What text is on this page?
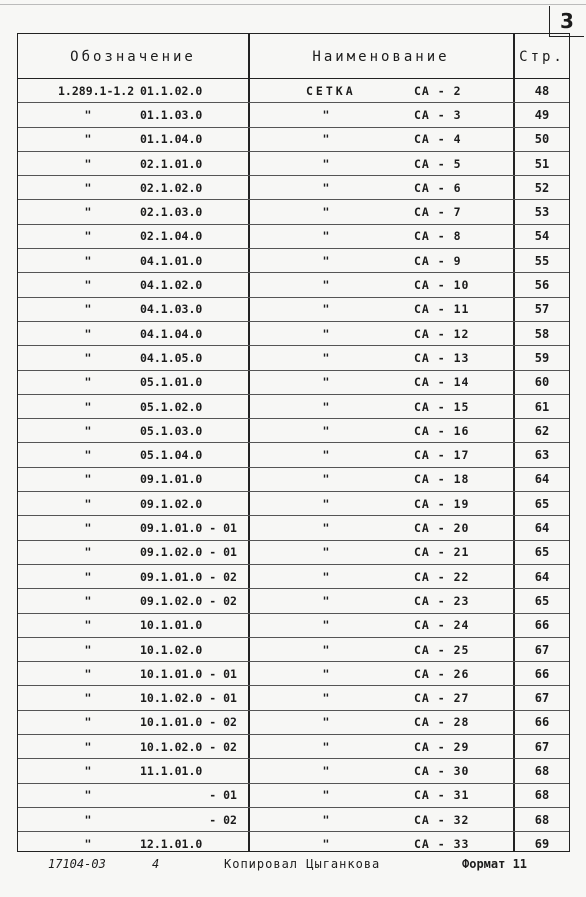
3
Обозначение	Наименование	Стр.
1.289.1-1.2 01.1.02.0	СЕТКА	СА - 2	48
"	01.1.03.0	"	СА - 3	49
"	01.1.04.0	"	СА - 4	50
"	02.1.01.0	"	СА - 5	51
"	02.1.02.0	"	СА - 6	52
"	02.1.03.0	"	СА - 7	53
"	02.1.04.0	"	СА - 8	54
"	04.1.01.0	"	СА - 9	55
"	04.1.02.0	"	СА - 10	56
"	04.1.03.0	"	СА - 11	57
"	04.1.04.0	"	СА - 12	58
"	04.1.05.0	"	СА - 13	59
"	05.1.01.0	"	СА - 14	60
"	05.1.02.0	"	СА - 15	61
"	05.1.03.0	"	СА - 16	62
"	05.1.04.0	"	СА - 17	63
"	09.1.01.0	"	СА - 18	64
"	09.1.02.0	"	СА - 19	65
"	09.1.01.0 - 01	"	СА - 20	64
"	09.1.02.0 - 01	"	СА - 21	65
"	09.1.01.0 - 02	"	СА - 22	64
"	09.1.02.0 - 02	"	СА - 23	65
"	10.1.01.0	"	СА - 24	66
"	10.1.02.0	"	СА - 25	67
"	10.1.01.0 - 01	"	СА - 26	66
"	10.1.02.0 - 01	"	СА - 27	67
"	10.1.01.0 - 02	"	СА - 28	66
"	10.1.02.0 - 02	"	СА - 29	67
"	11.1.01.0	"	СА - 30	68
"	- 01	"	СА - 31	68
"	- 02	"	СА - 32	68
"	12.1.01.0	"	СА - 33	69
17104-03	4	Копировал Цыганкова	Формат 11
